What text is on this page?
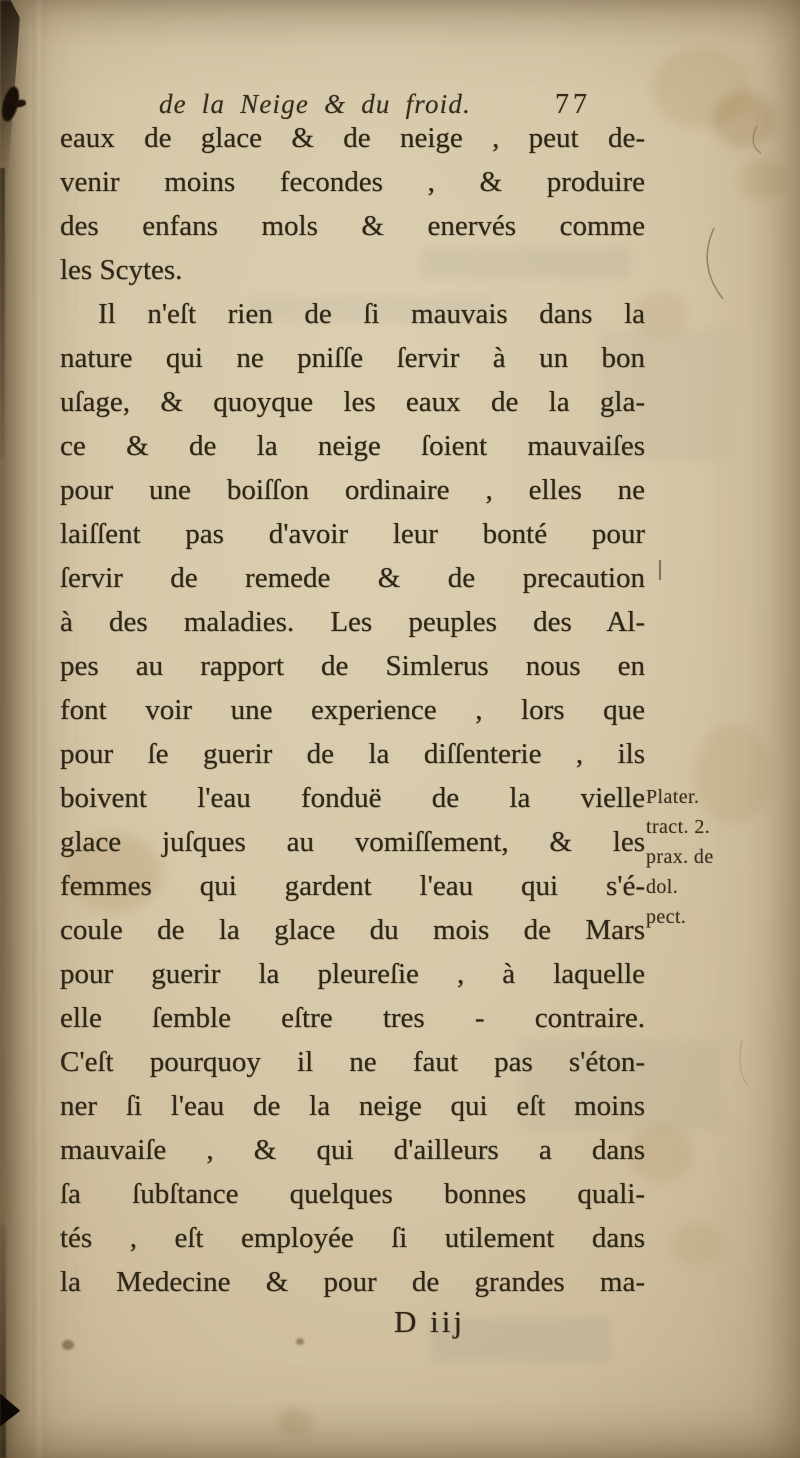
de la Neige & du froid.	77
eaux de glace & de neige , peut de-
venir moins fecondes , & produire
des enfans mols & enervés comme
les Scytes.
Il n'eſt rien de ſi mauvais dans la
nature qui ne pniſſe ſervir à un bon
uſage, & quoyque les eaux de la gla-
ce & de la neige ſoient mauvaiſes
pour une boiſſon ordinaire , elles ne
laiſſent pas d'avoir leur bonté pour
ſervir de remede & de precaution
à des maladies. Les peuples des Al-
pes au rapport de Simlerus nous en
font voir une experience , lors que
pour ſe guerir de la diſſenterie , ils
boivent l'eau fonduë de la vielle
glace juſques au vomiſſement, & les
femmes qui gardent l'eau qui s'é-
coule de la glace du mois de Mars
pour guerir la pleureſie , à laquelle
elle ſemble eſtre tres - contraire.
C'eſt pourquoy il ne faut pas s'éton-
ner ſi l'eau de la neige qui eſt moins
mauvaiſe , & qui d'ailleurs a dans
ſa ſubſtance quelques bonnes quali-
tés , eſt employée ſi utilement dans
la Medecine & pour de grandes ma-
Plater.
tract. 2.
prax. de
dol.
pect.
D iij
